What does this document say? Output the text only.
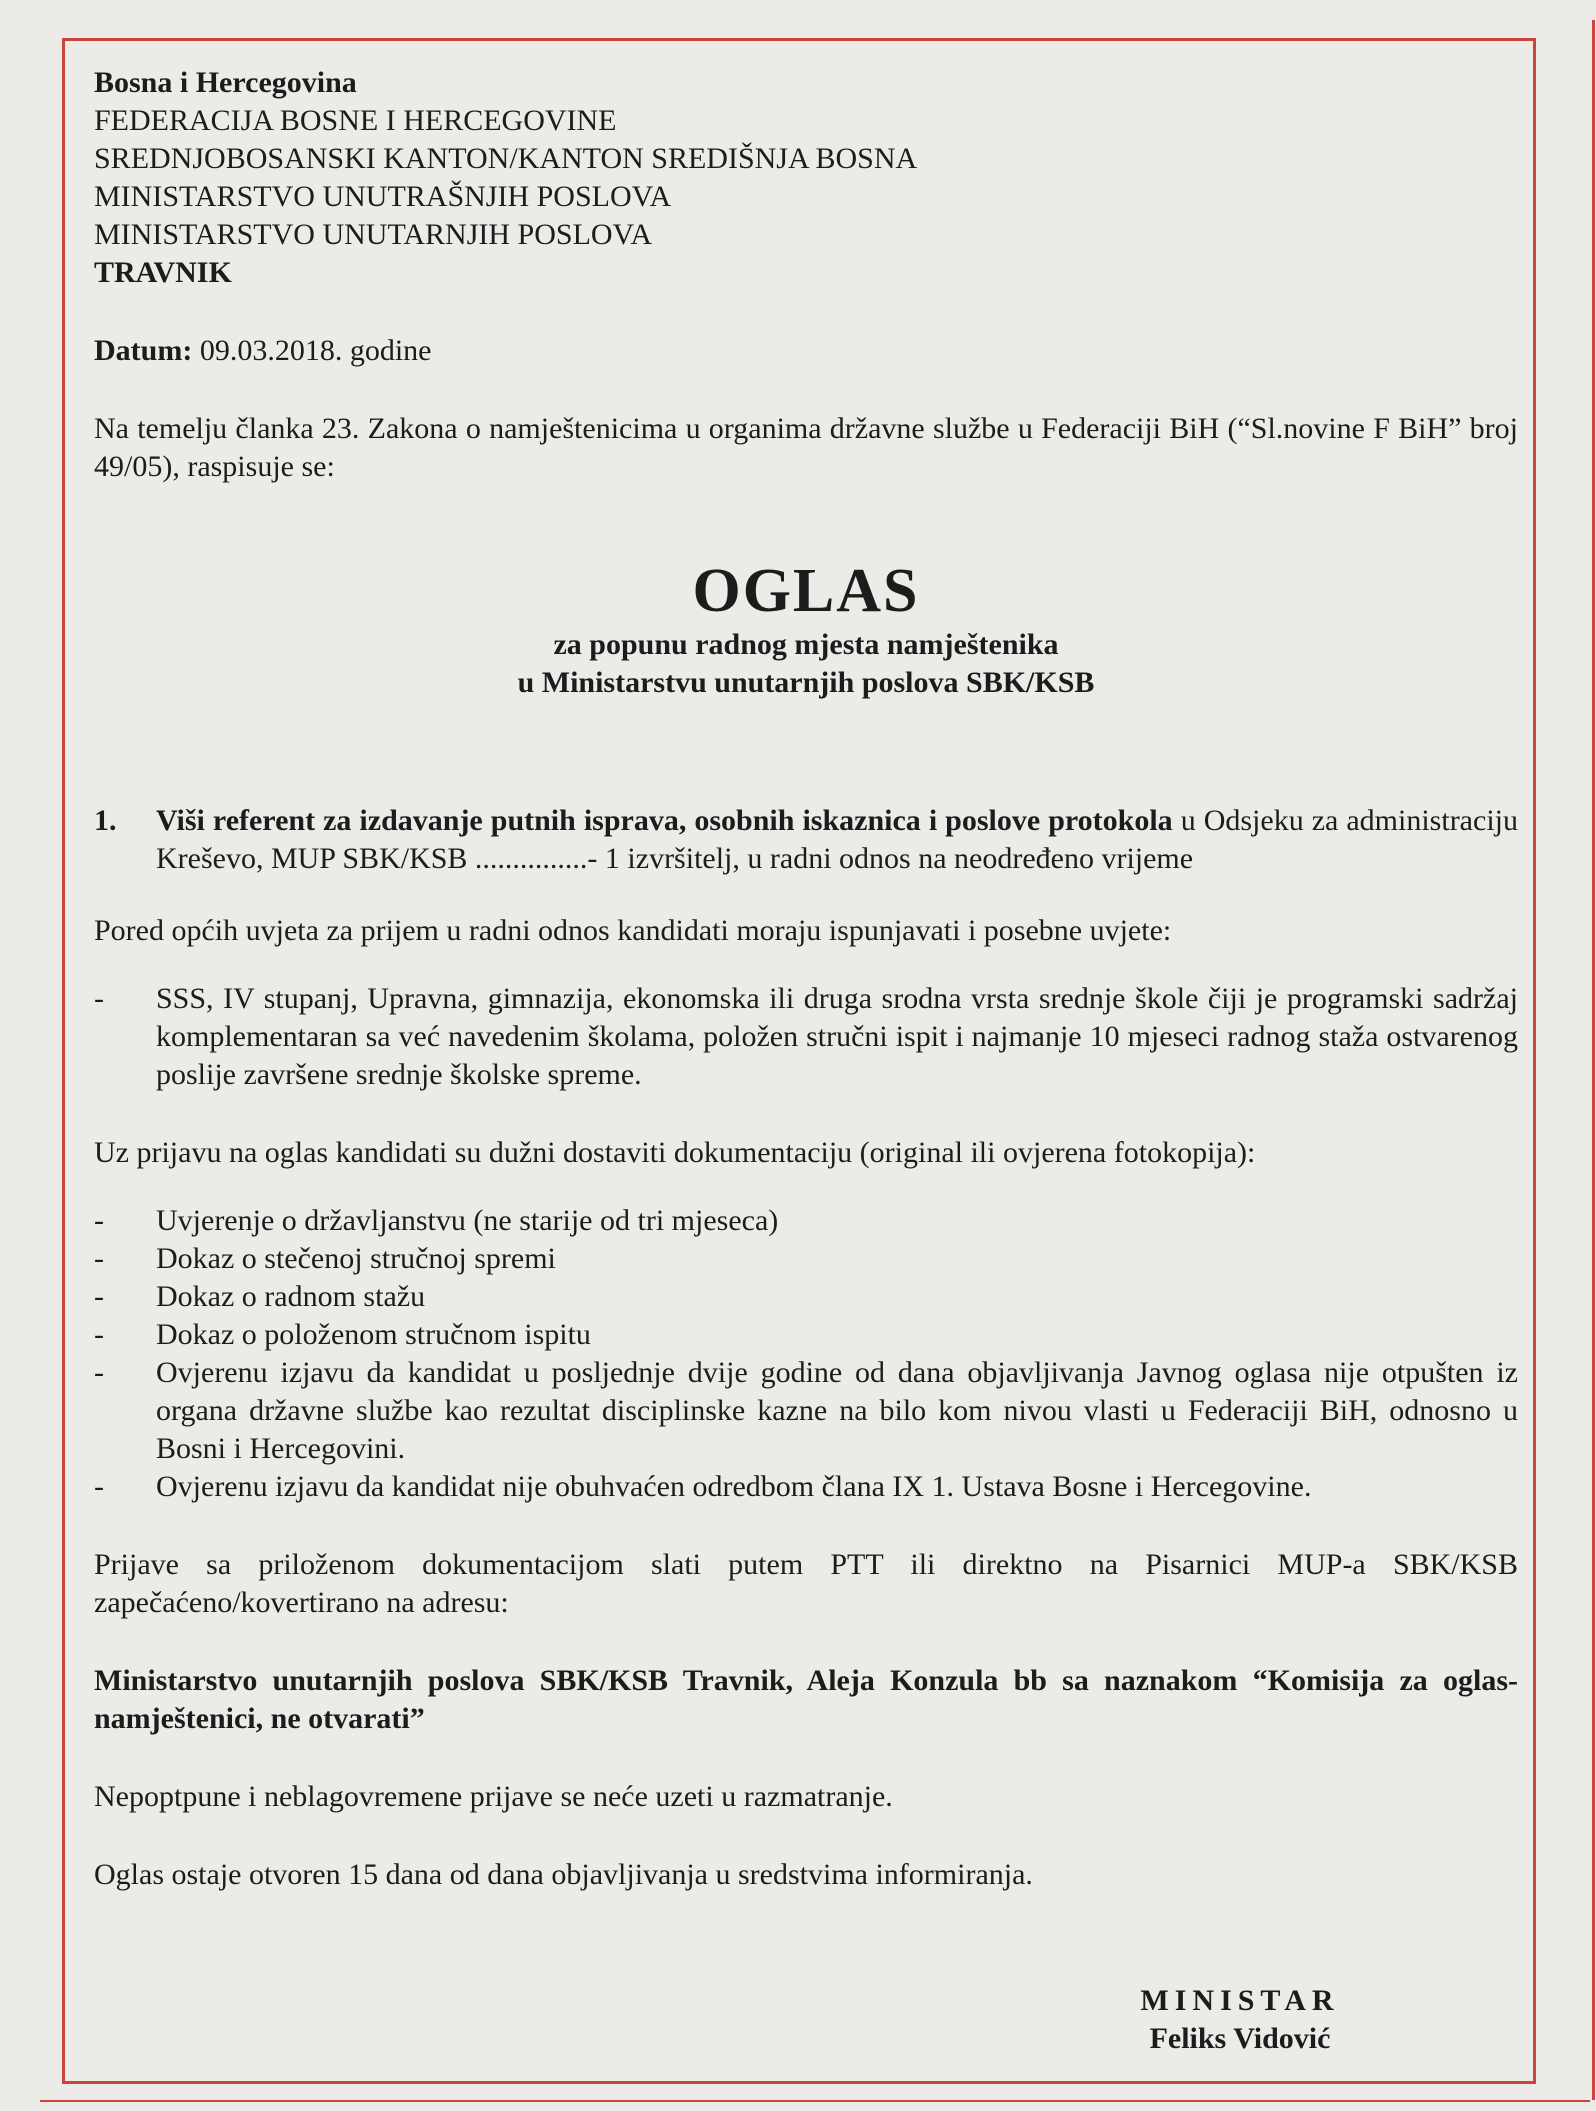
Bosna i Hercegovina
FEDERACIJA BOSNE I HERCEGOVINE
SREDNJOBOSANSKI KANTON/KANTON SREDIŠNJA BOSNA
MINISTARSTVO UNUTRAŠNJIH POSLOVA
MINISTARSTVO UNUTARNJIH POSLOVA
TRAVNIK
Datum: 09.03.2018. godine
Na temelju članka 23. Zakona o namještenicima u organima državne službe u Federaciji BiH (“Sl.novine F BiH” broj 49/05), raspisuje se:
OGLAS
za popunu radnog mjesta namještenika
u Ministarstvu unutarnjih poslova SBK/KSB
1.	Viši referent za izdavanje putnih isprava, osobnih iskaznica i poslove protokola u Odsjeku za administraciju Kreševo, MUP SBK/KSB ...............- 1 izvršitelj, u radni odnos na neodređeno vrijeme
Pored općih uvjeta za prijem u radni odnos kandidati moraju ispunjavati i posebne uvjete:
-	SSS, IV stupanj, Upravna, gimnazija, ekonomska ili druga srodna vrsta srednje škole čiji je programski sadržaj komplementaran sa već navedenim školama, položen stručni ispit i najmanje 10 mjeseci radnog staža ostvarenog poslije završene srednje školske spreme.
Uz prijavu na oglas kandidati su dužni dostaviti dokumentaciju (original ili ovjerena fotokopija):
-	Uvjerenje o državljanstvu (ne starije od tri mjeseca)
-	Dokaz o stečenoj stručnoj spremi
-	Dokaz o radnom stažu
-	Dokaz o položenom stručnom ispitu
-	Ovjerenu izjavu da kandidat u posljednje dvije godine od dana objavljivanja Javnog oglasa nije otpušten iz organa državne službe kao rezultat disciplinske kazne na bilo kom nivou vlasti u Federaciji BiH, odnosno u Bosni i Hercegovini.
-	Ovjerenu izjavu da kandidat nije obuhvaćen odredbom člana IX 1. Ustava Bosne i Hercegovine.
Prijave sa priloženom dokumentacijom slati putem PTT ili direktno na Pisarnici MUP-a SBK/KSB zapečaćeno/kovertirano na adresu:
Ministarstvo unutarnjih poslova SBK/KSB Travnik, Aleja Konzula bb sa naznakom “Komisija za oglas-namještenici, ne otvarati”
Nepoptpune i neblagovremene prijave se neće uzeti u razmatranje.
Oglas ostaje otvoren 15 dana od dana objavljivanja u sredstvima informiranja.
MINISTAR
Feliks Vidović
